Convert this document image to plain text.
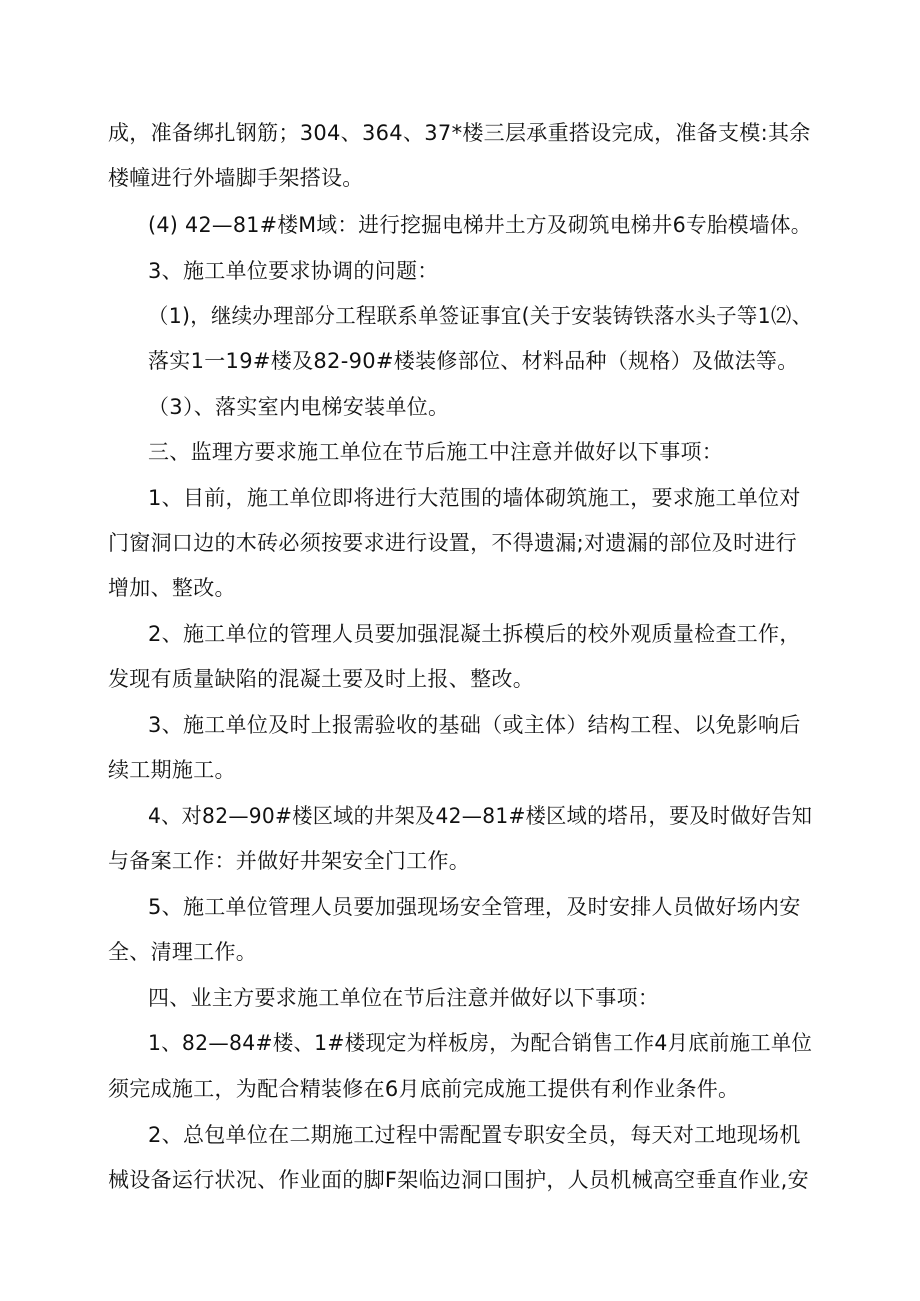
成，准备绑扎钢筋；304、364、37*楼三层承重搭设完成，准备支模:其余
楼幢进行外墙脚手架搭设。
(4) 42—81#楼M域：进行挖掘电梯井土方及砌筑电梯井6专胎模墙体。
3、施工单位要求协调的问题：
（1)，继续办理部分工程联系单签证事宜(关于安装铸铁落水头子等1⑵、
落实1一19#楼及82-90#楼装修部位、材料品种（规格）及做法等。
（3）、落实室内电梯安装单位。
三、监理方要求施工单位在节后施工中注意并做好以下事项：
1、目前，施工单位即将进行大范围的墙体砌筑施工，要求施工单位对
门窗洞口边的木砖必须按要求进行设置，不得遗漏;对遗漏的部位及时进行
增加、整改。
2、施工单位的管理人员要加强混凝土拆模后的校外观质量检查工作，
发现有质量缺陷的混凝土要及时上报、整改。
3、施工单位及时上报需验收的基础（或主体）结构工程、以免影响后
续工期施工。
4、对82—90#楼区域的井架及42—81#楼区域的塔吊，要及时做好告知
与备案工作：并做好井架安全门工作。
5、施工单位管理人员要加强现场安全管理，及时安排人员做好场内安
全、清理工作。
四、业主方要求施工单位在节后注意并做好以下事项：
1、82—84#楼、1#楼现定为样板房，为配合销售工作4月底前施工单位
须完成施工，为配合精装修在6月底前完成施工提供有利作业条件。
2、总包单位在二期施工过程中需配置专职安全员，每天对工地现场机
械设备运行状况、作业面的脚F架临边洞口围护，人员机械高空垂直作业,安
